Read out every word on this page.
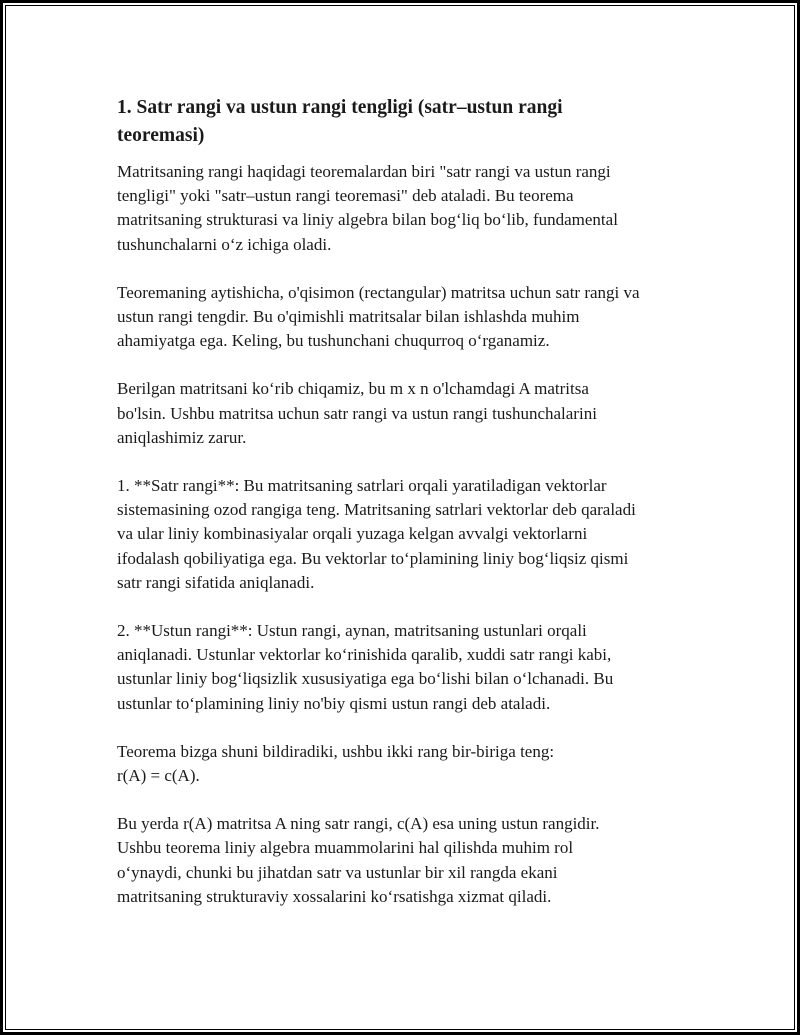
1. Satr rangi va ustun rangi tengligi (satr–ustun rangi
teoremasi)

Matritsaning rangi haqidagi teoremalardan biri "satr rangi va ustun rangi
tengligi" yoki "satr–ustun rangi teoremasi" deb ataladi. Bu teorema
matritsaning strukturasi va liniy algebra bilan bog‘liq bo‘lib, fundamental
tushunchalarni o‘z ichiga oladi.

Teoremaning aytishicha, o'qisimon (rectangular) matritsa uchun satr rangi va
ustun rangi tengdir. Bu o'qimishli matritsalar bilan ishlashda muhim
ahamiyatga ega. Keling, bu tushunchani chuqurroq o‘rganamiz.

Berilgan matritsani ko‘rib chiqamiz, bu m x n o'lchamdagi A matritsa
bo'lsin. Ushbu matritsa uchun satr rangi va ustun rangi tushunchalarini
aniqlashimiz zarur.

1. **Satr rangi**: Bu matritsaning satrlari orqali yaratiladigan vektorlar
sistemasining ozod rangiga teng. Matritsaning satrlari vektorlar deb qaraladi
va ular liniy kombinasiyalar orqali yuzaga kelgan avvalgi vektorlarni
ifodalash qobiliyatiga ega. Bu vektorlar to‘plamining liniy bog‘liqsiz qismi
satr rangi sifatida aniqlanadi.

2. **Ustun rangi**: Ustun rangi, aynan, matritsaning ustunlari orqali
aniqlanadi. Ustunlar vektorlar ko‘rinishida qaralib, xuddi satr rangi kabi,
ustunlar liniy bog‘liqsizlik xususiyatiga ega bo‘lishi bilan o‘lchanadi. Bu
ustunlar to‘plamining liniy no'biy qismi ustun rangi deb ataladi.

Teorema bizga shuni bildiradiki, ushbu ikki rang bir-biriga teng:
r(A) = c(A).

Bu yerda r(A) matritsa A ning satr rangi, c(A) esa uning ustun rangidir.
Ushbu teorema liniy algebra muammolarini hal qilishda muhim rol
o‘ynaydi, chunki bu jihatdan satr va ustunlar bir xil rangda ekani
matritsaning strukturaviy xossalarini ko‘rsatishga xizmat qiladi.
